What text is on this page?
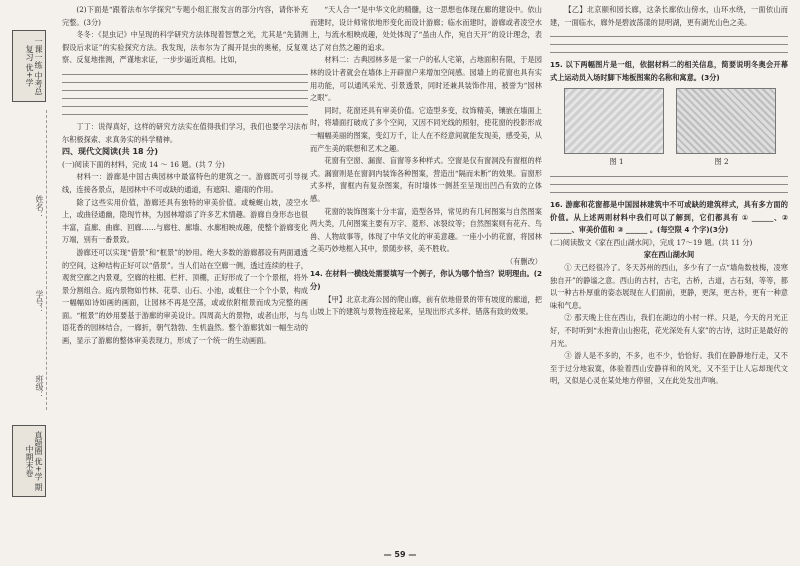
一课一练 中考总复习 优+学
姓名：
学号：
班级：
真题圈 优+学 期中期末卷

(2)下面是“跟着法布尔学探究”专题小组汇报发言的部分内容，请你补充完整。(3分)

冬冬：《昆虫记》中呈现的科学研究方法体现着智慧之光，尤其是“先猜测假设后求证”的实验探究方法。我发现，法布尔为了揭开昆虫的奥秘，反复观察、反复地推测，严谨地求证，一步步逼近真相。比如，

丁丁：说得真好，这样的研究方法实在值得我们学习，我们也要学习法布尔积极探索、求真务实的科学精神。

四、现代文阅读(共 18 分)

(一)阅读下面的材料，完成 14 ～ 16 题。(共 7 分)

材料一：游廊是中国古典园林中最富特色的建筑之一。游廊既可引导视线，连接各景点，是园林中不可或缺的通道，有遮阳、避雨的作用。

除了这些实用价值，游廊还具有独特的审美价值。或蜿蜒山坡，凌空水上，或曲径通幽，隐现竹林，为园林增添了许多艺术情趣。游廊自身形态也很丰富，直廊、曲廊、回廊……与廊柱、廊墙、水廊相映成趣，使整个游廊变化万端，别有一番景致。

游廊还可以实现“借景”和“框景”的妙用。绝大多数的游廊都设有两面通透的空间，这种结构正好可以“借景”。当人们站在空廊一侧，透过连续的柱子，观赏空廊之内景观，空廊的柱楣、栏杆、顶棚，正好形成了一个个景框，将外景分割组合。庭内景物如竹林、花草、山石、小池，或框住一个个小景，构成一幅幅如诗如画的画面，让园林不再是空荡，或或依附框景而成为完整的画面。“框景”的妙用要基于游廊的审美设计。四周高大的景物，或者山形，与鸟语花香的园林结合，一廊折，朝气勃勃、生机盎然。整个游廊犹如一幅生动的画，显示了游廊的整体审美表现力，形成了一个统一的生动画面。

“天人合一”是中华文化的精髓，这一思想也体现在廊的建设中。依山而建时，设计师常依地形变化而设计游廊；临水而建时，游廊或者凌空水上，与流水相映成趣，处处体现了“虽由人作，宛自天开”的设计理念，表达了对自然之趣的追求。

材料二：古典园林多是一家一户的私人宅第，占地面积有限，于是园林的设计者就会在墙体上开辟窗户来增加空间感。园墙上的花窗也具有实用功能，可以通风采光、引景透景，同时还兼具装饰作用，被誉为“园林之眼”。

同时，花窗还具有审美价值。它造型多变，纹饰精美，镶嵌在墙面上时，将墙面打破成了多个空间，又因不同光线的照射，使花窗的投影形成一幅幅美丽的图案，变幻万千，让人在不经意间就能发现美，感受美，从而产生美的联想和艺术之趣。

花窗有空窗、漏窗、盲窗等多种样式。空窗是仅有窗洞没有窗框的样式。漏窗则是在窗洞内装饰各种图案，营造出“隔而未断”的效果。盲窗形式多样，窗框内有复杂图案，有时墙体一侧甚至呈现出凹凸有致的立体感。

花窗的装饰图案十分丰富，造型各异，常见的有几何图案与自然图案两大类，几何图案主要有万字、菱形、冰裂纹等；自然图案则有花卉、鸟兽、人物故事等，体现了中华文化的审美意趣。一座小小的花窗，将园林之美巧妙地框入其中，景随步移，美不胜收。

（有删改）

14. 在材料一横线处需要填写一个例子，你认为哪个恰当？说明理由。(2分)

【甲】北京北海公园的爬山廊，前有依地借景的带有坡度的廊道，把山坡上下的建筑与景物连接起来，呈现出形式多样、错落有致的效果。

【乙】北京颐和园长廊，这条长廊依山傍水，山环水绕，一面依山而建，一面临水，廊外是碧波荡漾的昆明湖，更有湖光山色之美。

15. 以下两幅图片是一组，依据材料二的相关信息，简要说明冬奥会开幕式上运动员入场时脚下地板图案的名称和寓意。(3分)

图 1	图 2

16. 游廊和花窗都是中国园林建筑中不可或缺的建筑样式，具有多方面的价值。从上述两则材料中我们可以了解到，它们都具有 ① ______、② ______、审美价值和 ③ ______ 。(每空限 4 个字)(3分)

(二)阅读散文《家在西山湖水间》，完成 17～19 题。(共 11 分)

家在西山湖水间

① 天已经很冷了。冬天苏州的西山，多少有了一点“墙角数枝梅，凌寒独自开”的静谧之意。西山的古村，古宅，古桥，古道，古石刻，等等，都以一种古朴厚重的姿态展现在人们面前，更静，更深，更古朴，更有一种意味和气息。

② 那天晚上住在西山，我们在湖边的小村一样。只是，今天的月光正好，不时听到“永抱青山山抱花，花光深处有人家”的古诗，这时正是最好的月光。

③ 游人是不多的，不多，也不少，恰恰好。我们在静静地行走，又不至于过分地寂寞，体验着西山安静祥和的风光，又不至于让人忘却现代文明，又似是心灵在某处地方停留，又在此处发出声响。

— 59 —
